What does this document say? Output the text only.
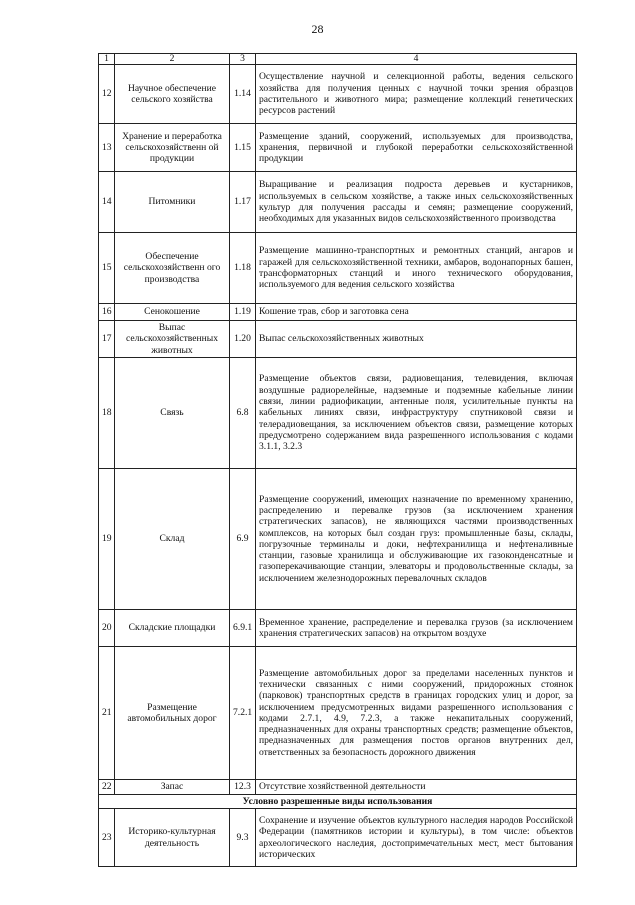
28
1	2	3	4
12	Научное обеспечение сельского хозяйства	1.14	Осуществление научной и селекционной работы, ведения сельского хозяйства для получения ценных с научной точки зрения образцов растительного и животного мира; размещение коллекций генетических ресурсов растений
13	Хранение и переработка сельскохозяйственн ой продукции	1.15	Размещение зданий, сооружений, используемых для производства, хранения, первичной и глубокой переработки сельскохозяйственной продукции
14	Питомники	1.17	Выращивание и реализация подроста деревьев и кустарников, используемых в сельском хозяйстве, а также иных сельскохозяйственных культур для получения рассады и семян; размещение сооружений, необходимых для указанных видов сельскохозяйственного производства
15	Обеспечение сельскохозяйственн ого производства	1.18	Размещение машинно-транспортных и ремонтных станций, ангаров и гаражей для сельскохозяйственной техники, амбаров, водонапорных башен, трансформаторных станций и иного технического оборудования, используемого для ведения сельского хозяйства
16	Сенокошение	1.19	Кошение трав, сбор и заготовка сена
17	Выпас сельскохозяйственных животных	1.20	Выпас сельскохозяйственных животных
18	Связь	6.8	Размещение объектов связи, радиовещания, телевидения, включая воздушные радиорелейные, надземные и подземные кабельные линии связи, линии радиофикации, антенные поля, усилительные пункты на кабельных линиях связи, инфраструктуру спутниковой связи и телерадиовещания, за исключением объектов связи, размещение которых предусмотрено содержанием вида разрешенного использования с кодами 3.1.1, 3.2.3
19	Склад	6.9	Размещение сооружений, имеющих назначение по временному хранению, распределению и перевалке грузов (за исключением хранения стратегических запасов), не являющихся частями производственных комплексов, на которых был создан груз: промышленные базы, склады, погрузочные терминалы и доки, нефтехранилища и нефтеналивные станции, газовые хранилища и обслуживающие их газоконденсатные и газоперекачивающие станции, элеваторы и продовольственные склады, за исключением железнодорожных перевалочных складов
20	Складские площадки	6.9.1	Временное хранение, распределение и перевалка грузов (за исключением хранения стратегических запасов) на открытом воздухе
21	Размещение автомобильных дорог	7.2.1	Размещение автомобильных дорог за пределами населенных пунктов и технически связанных с ними сооружений, придорожных стоянок (парковок) транспортных средств в границах городских улиц и дорог, за исключением предусмотренных видами разрешенного использования с кодами 2.7.1, 4.9, 7.2.3, а также некапитальных сооружений, предназначенных для охраны транспортных средств; размещение объектов, предназначенных для размещения постов органов внутренних дел, ответственных за безопасность дорожного движения
22	Запас	12.3	Отсутствие хозяйственной деятельности
Условно разрешенные виды использования			
23	Историко-культурная деятельность	9.3	Сохранение и изучение объектов культурного наследия народов Российской Федерации (памятников истории и культуры), в том числе: объектов археологического наследия, достопримечательных мест, мест бытования исторических
